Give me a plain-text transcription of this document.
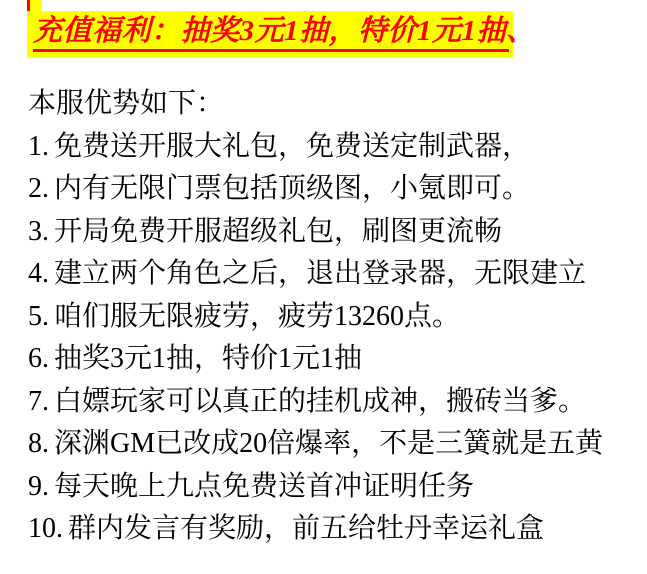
充值福利：抽奖3元1抽，特价1元1抽、

本服优势如下：

1. 免费送开服大礼包，免费送定制武器，

2. 内有无限门票包括顶级图，小氪即可。

3. 开局免费开服超级礼包，刷图更流畅

4. 建立两个角色之后，退出登录器，无限建立

5. 咱们服无限疲劳，疲劳13260点。

6. 抽奖3元1抽，特价1元1抽

7. 白嫖玩家可以真正的挂机成神，搬砖当爹。

8. 深渊GM已改成20倍爆率，不是三簧就是五黄

9. 每天晚上九点免费送首冲证明任务

10. 群内发言有奖励，前五给牡丹幸运礼盒
